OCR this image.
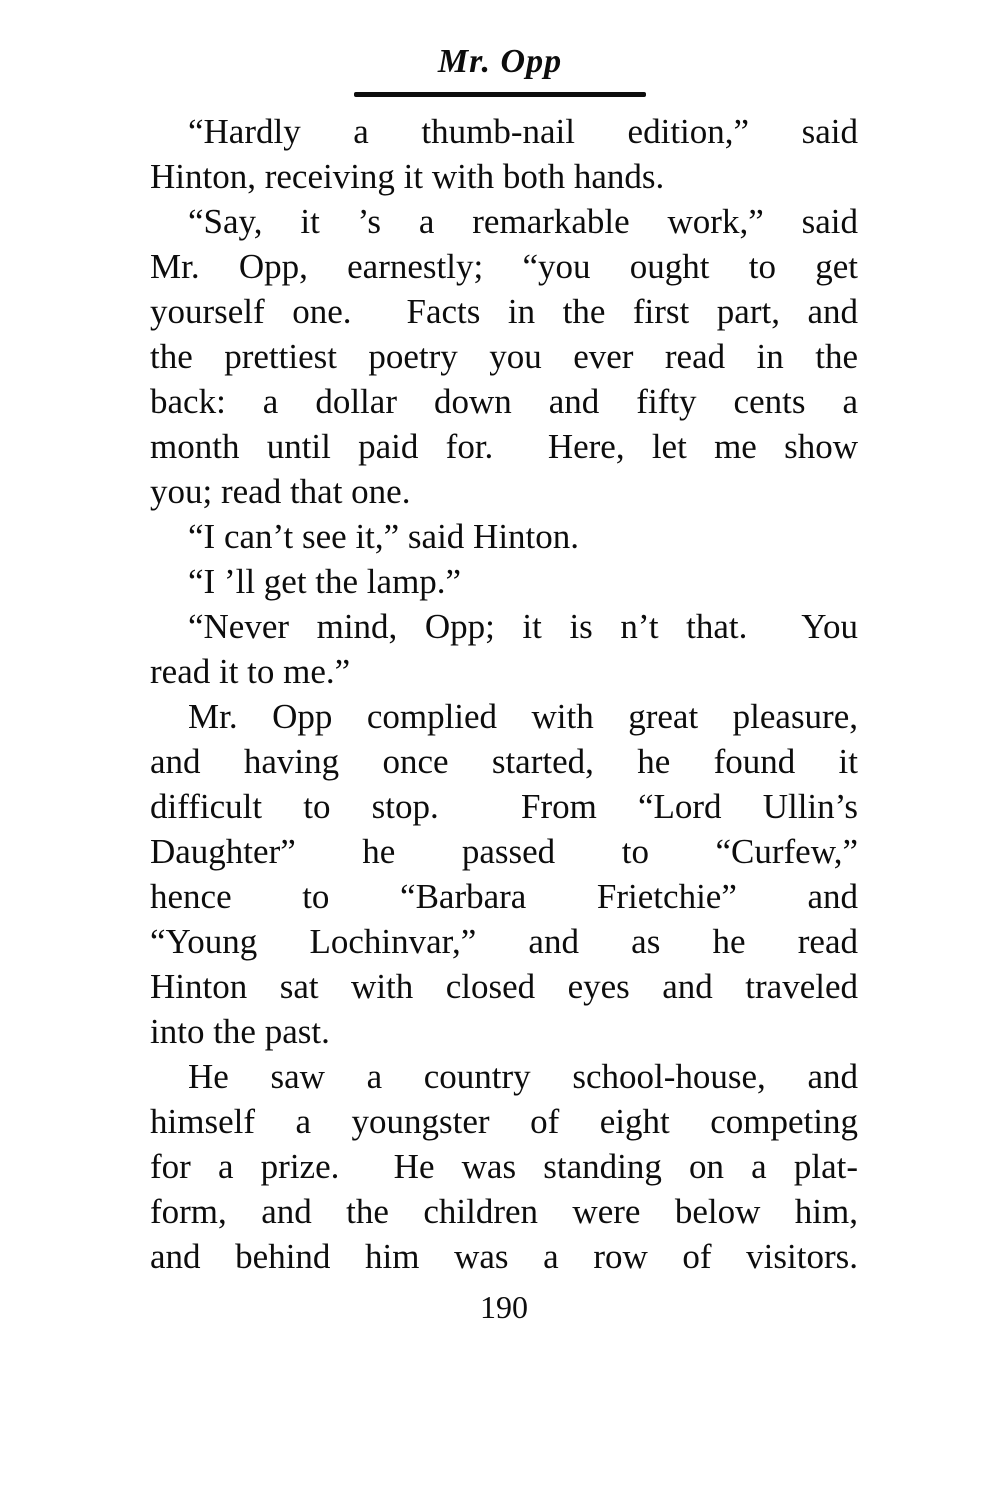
Mr. Opp
“Hardly a thumb-nail edition,” said
Hinton, receiving it with both hands.
“Say, it ’s a remarkable work,” said
Mr. Opp, earnestly; “you ought to get
yourself one.  Facts in the first part, and
the prettiest poetry you ever read in the
back: a dollar down and fifty cents a
month until paid for.  Here, let me show
you; read that one.
“I can’t see it,” said Hinton.
“I ’ll get the lamp.”
“Never mind, Opp; it is n’t that.  You
read it to me.”
Mr. Opp complied with great pleasure,
and having once started, he found it
difficult to stop.  From “Lord Ullin’s
Daughter” he passed to “Curfew,”
hence to “Barbara Frietchie” and
“Young Lochinvar,” and as he read
Hinton sat with closed eyes and traveled
into the past.
He saw a country school-house, and
himself a youngster of eight competing
for a prize.  He was standing on a plat-
form, and the children were below him,
and behind him was a row of visitors.
190
